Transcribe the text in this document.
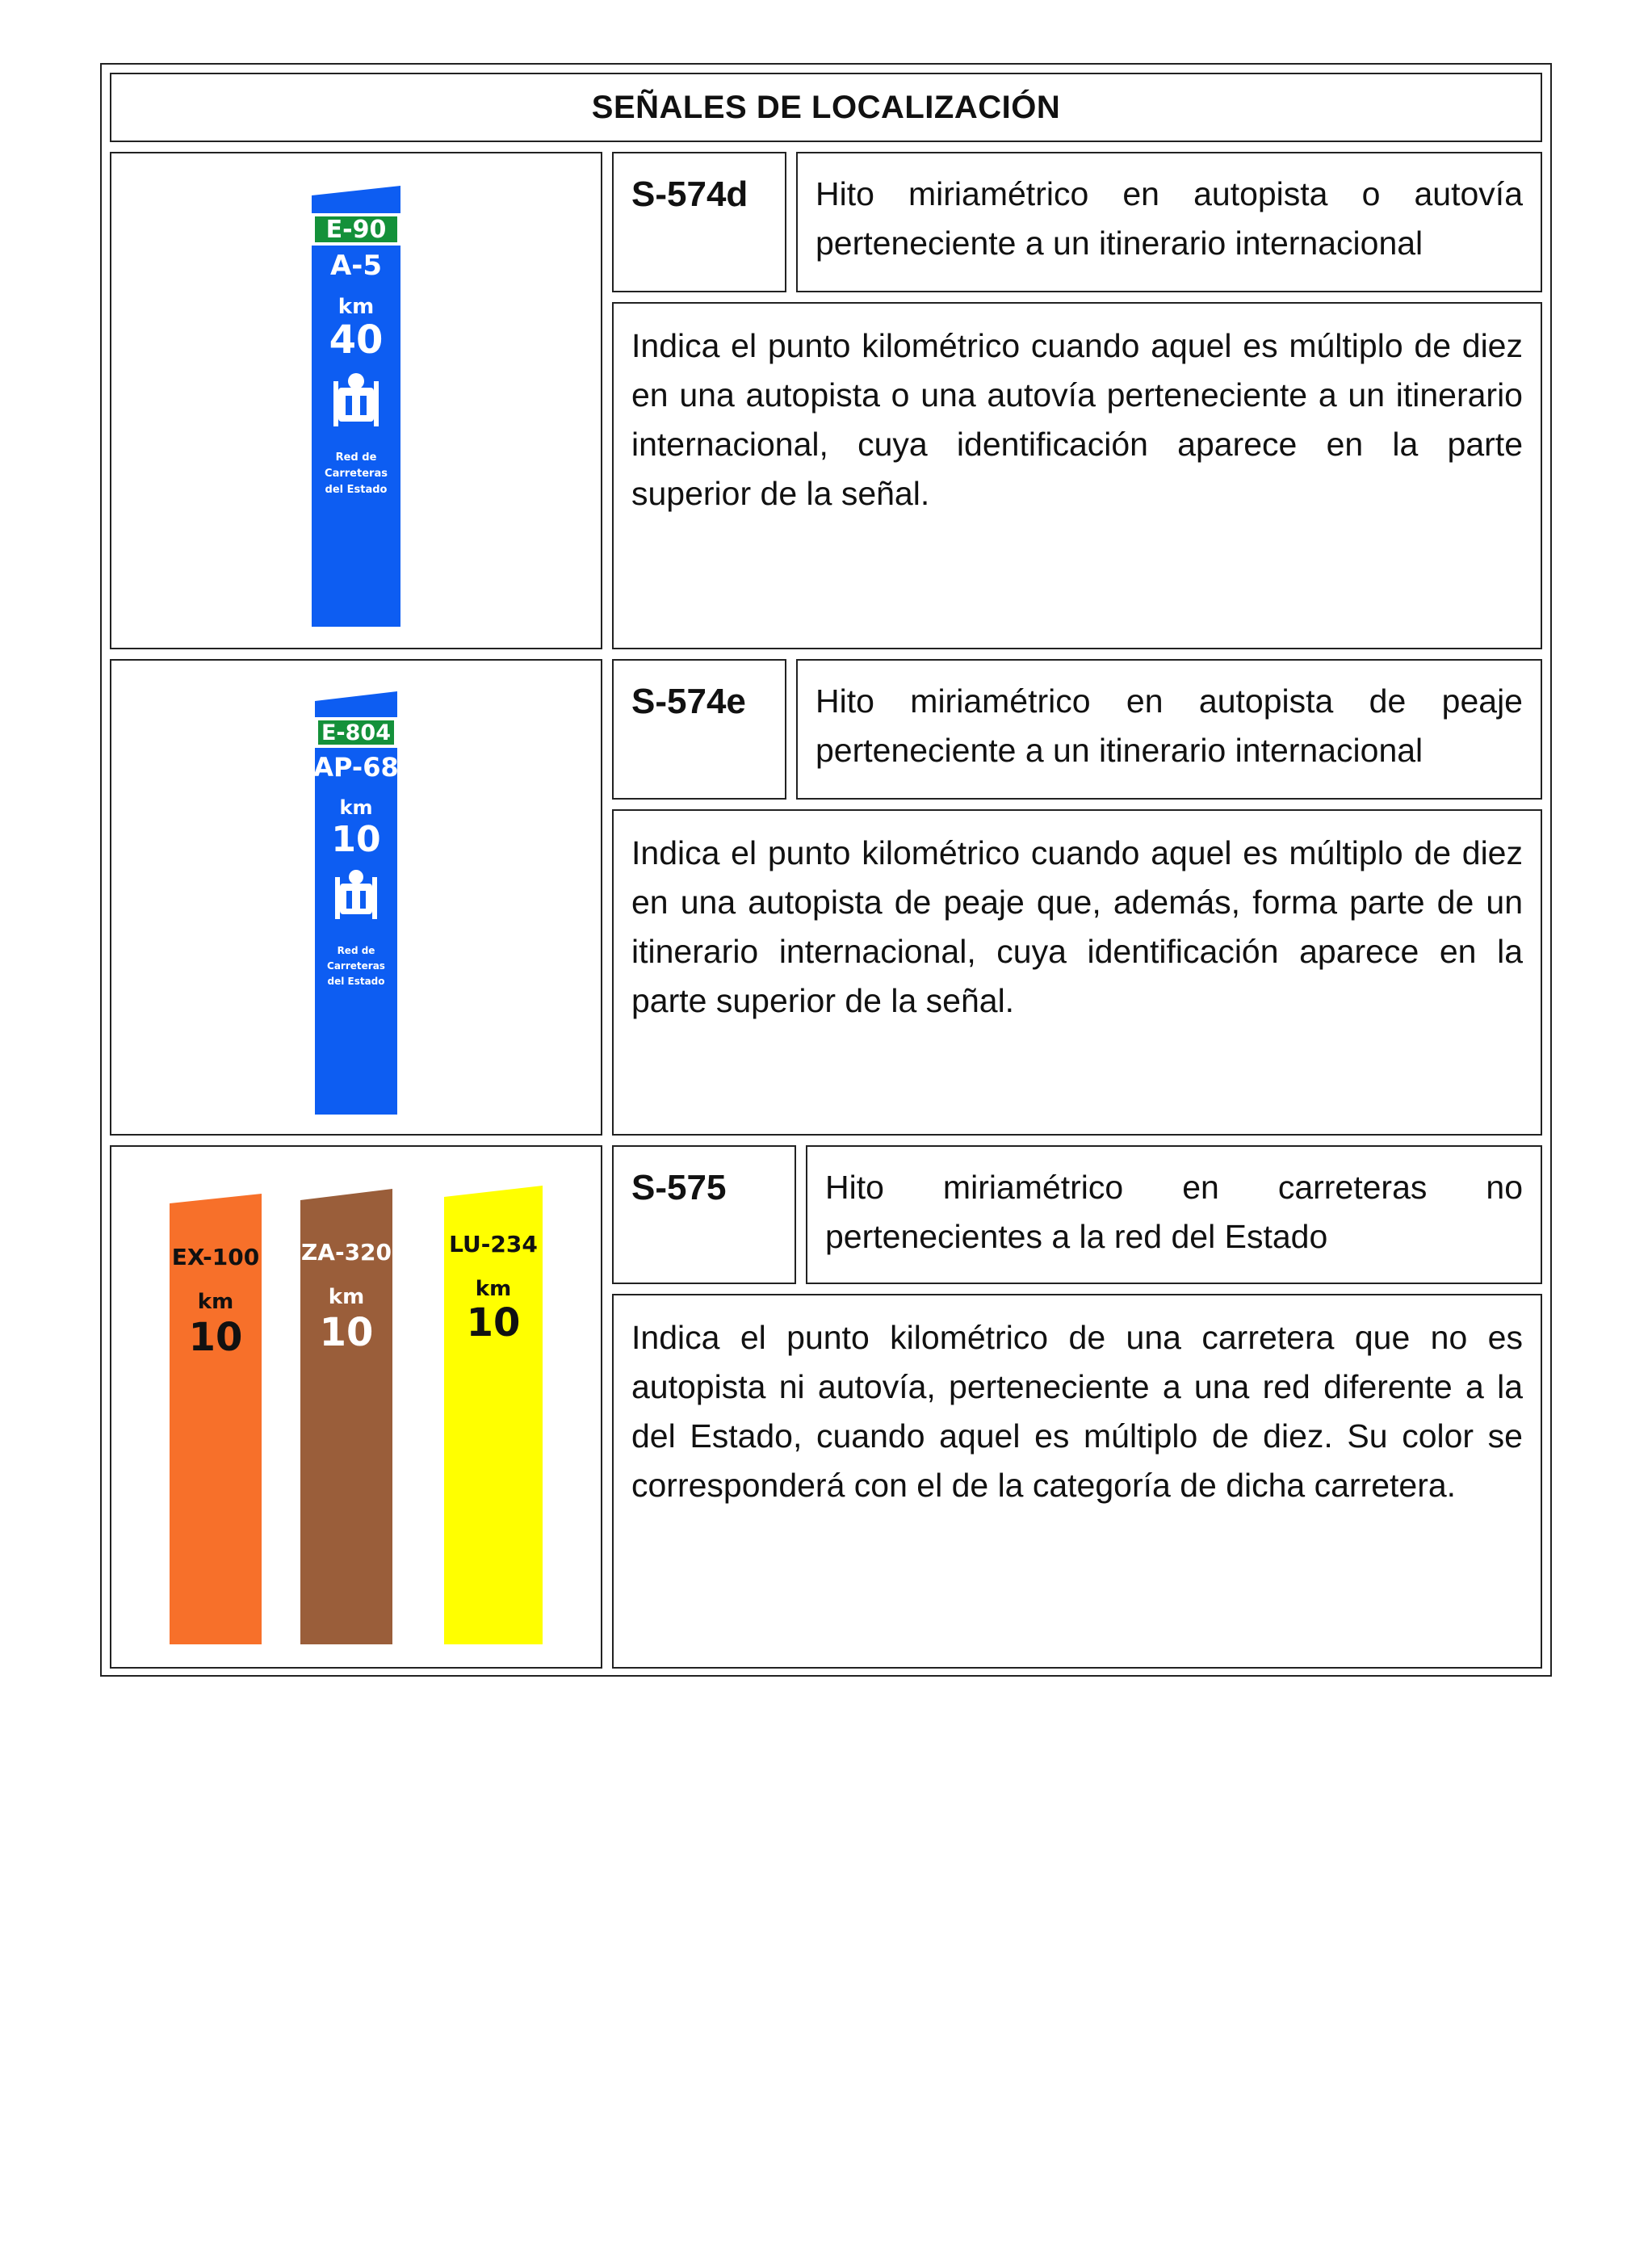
SEÑALES DE LOCALIZACIÓN
E-90
A-5
km
40
Red de
Carreteras
del Estado
S-574d	Hito miriamétrico en autopista o autovía perteneciente a un itinerario internacional
Indica el punto kilométrico cuando aquel es múltiplo de diez en una autopista o una autovía perteneciente a un itinerario internacional, cuya identificación aparece en la parte superior de la señal.
E-804
AP-68
km
10
Red de
Carreteras
del Estado
S-574e	Hito miriamétrico en autopista de peaje perteneciente a un itinerario internacional
Indica el punto kilométrico cuando aquel es múltiplo de diez en una autopista de peaje que, además, forma parte de un itinerario internacional, cuya identificación aparece en la parte superior de la señal.
EX-100
km
10
ZA-320
km
10
LU-234
km
10
S-575	Hito miriamétrico en carreteras no pertenecientes a la red del Estado
Indica el punto kilométrico de una carretera que no es autopista ni autovía, perteneciente a una red diferente a la del Estado, cuando aquel es múltiplo de diez. Su color se corresponderá con el de la categoría de dicha carretera.
